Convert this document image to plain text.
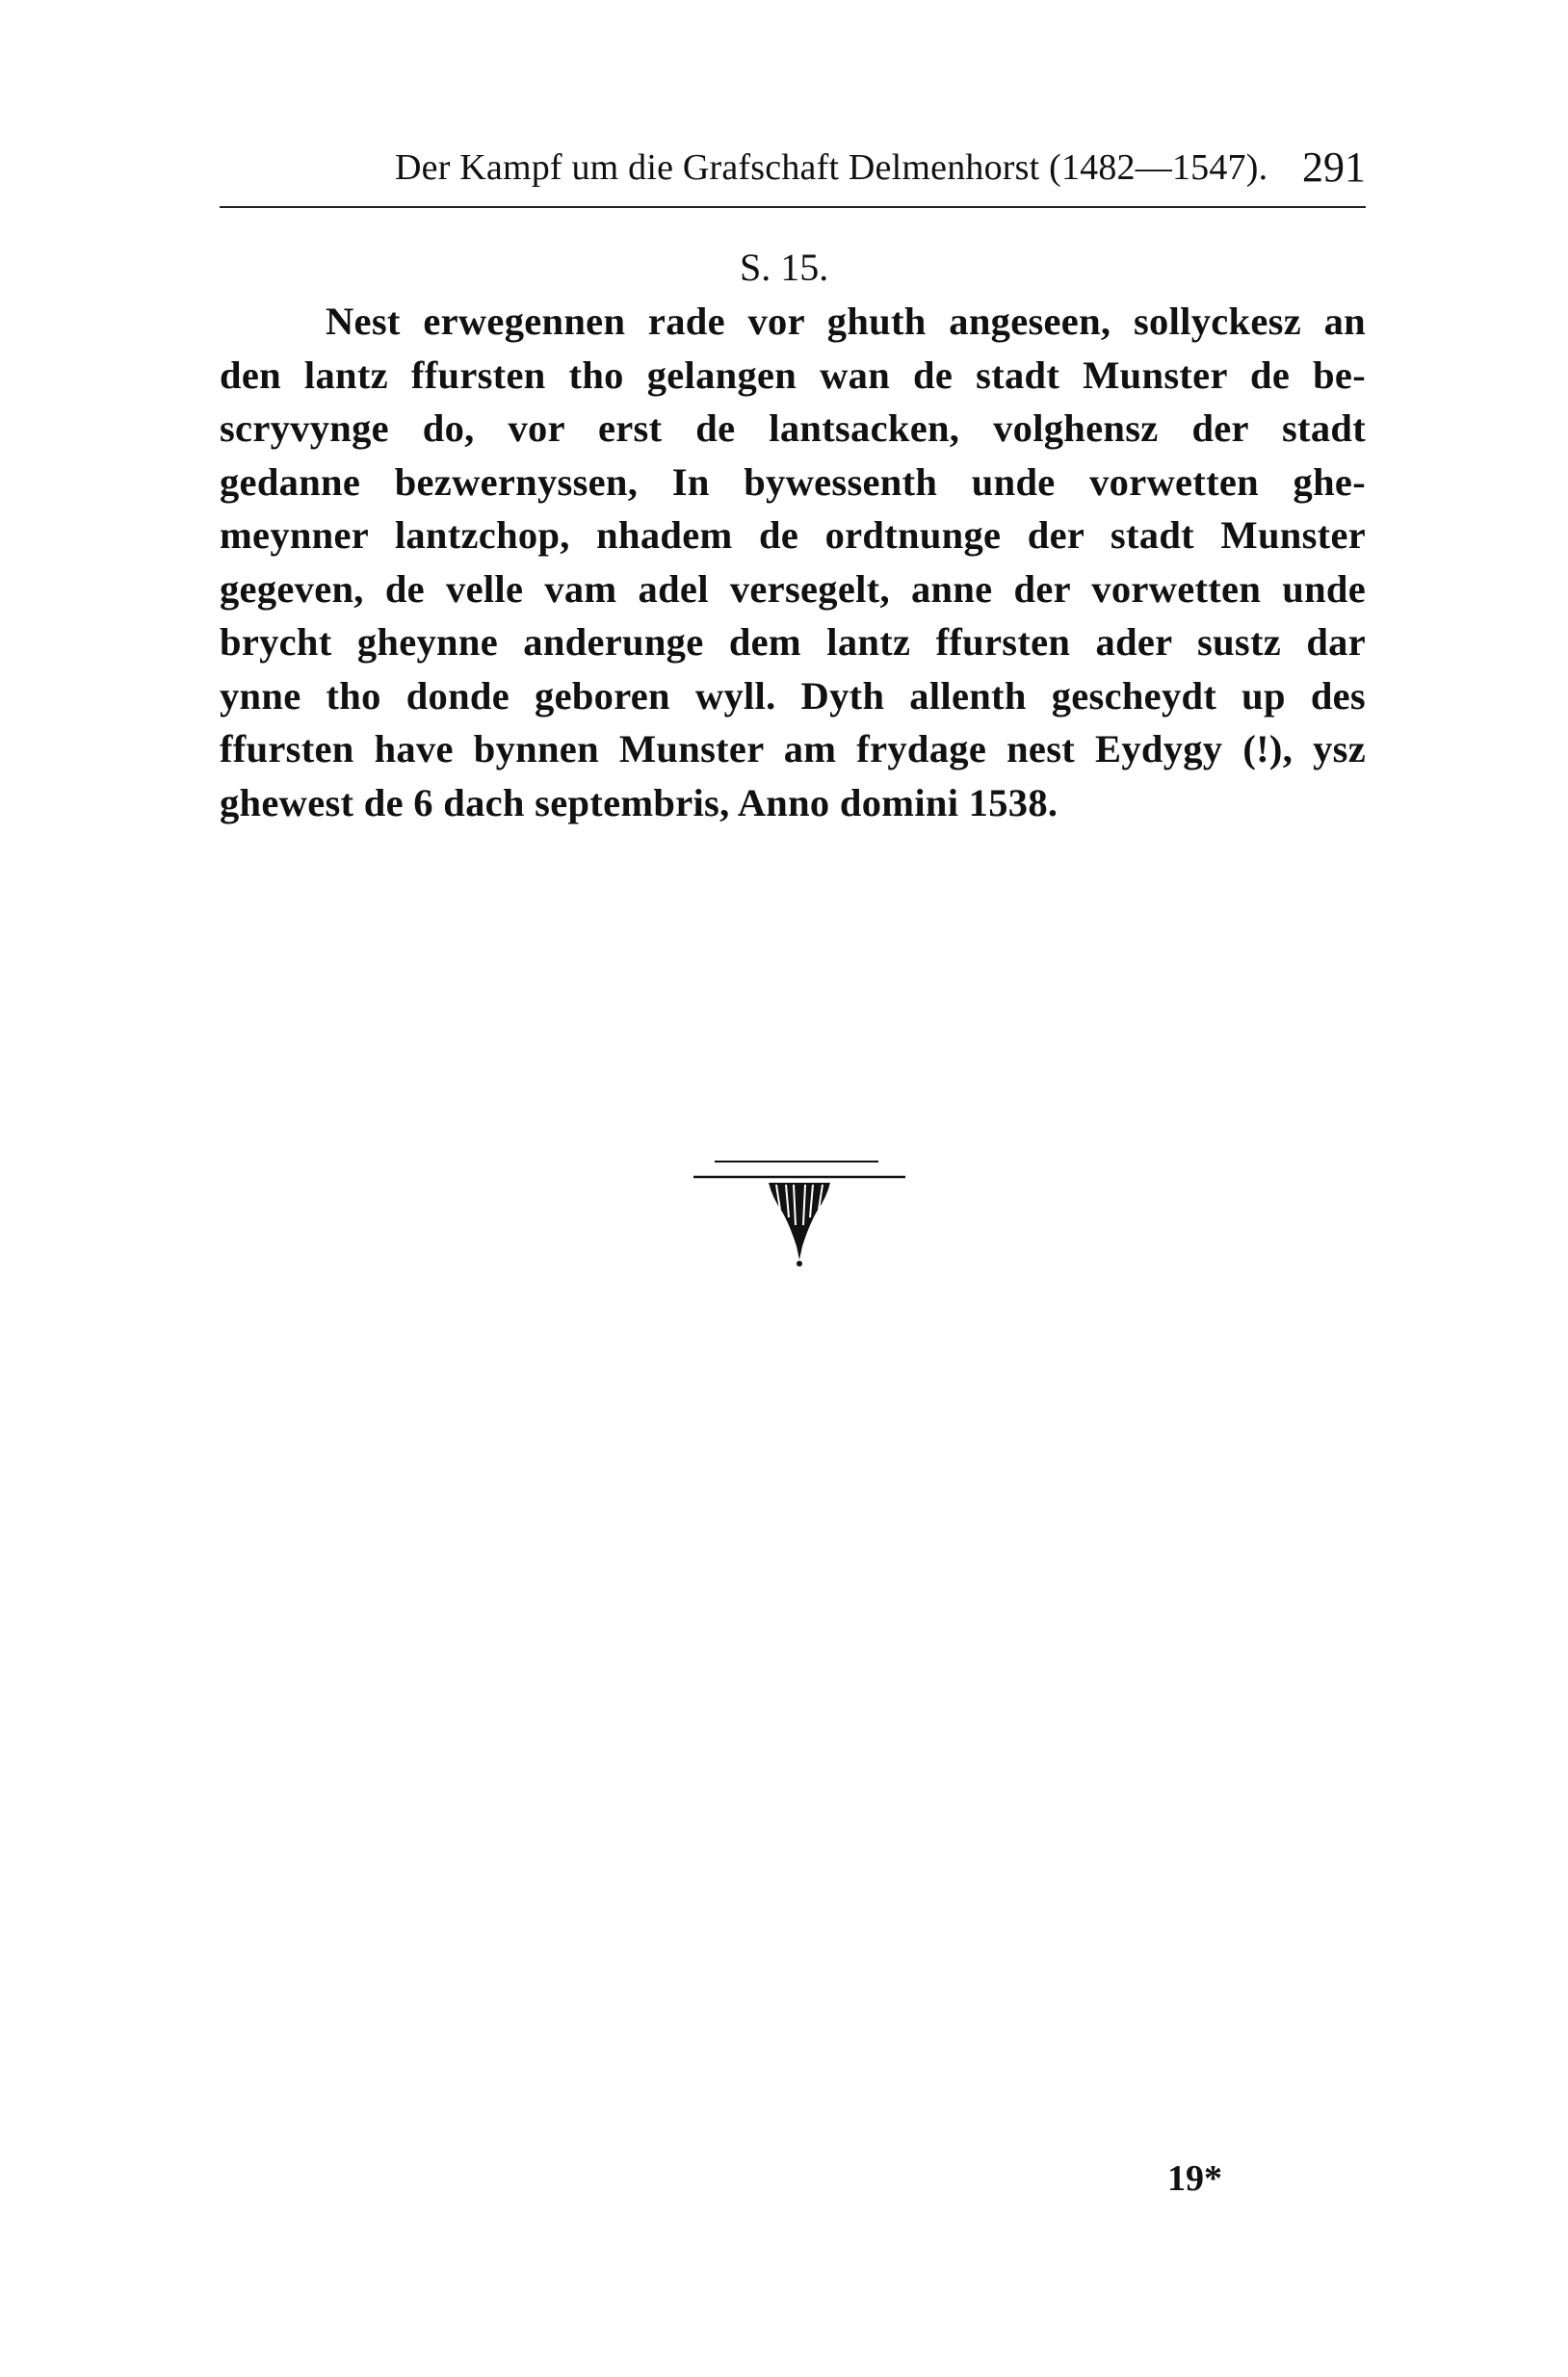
Der Kampf um die Grafschaft Delmenhorst (1482—1547). 291
S. 15.
Nest erwegennen rade vor ghuth angeseen, sollyckesz an
den lantz ffursten tho gelangen wan de stadt Munster de be-
scryvynge do, vor erst de lantsacken, volghensz der stadt
gedanne bezwernyssen, In bywessenth unde vorwetten ghe-
meynner lantzchop, nhadem de ordtnunge der stadt Munster
gegeven, de velle vam adel versegelt, anne der vorwetten unde
brycht gheynne anderunge dem lantz ffursten ader sustz dar
ynne tho donde geboren wyll. Dyth allenth gescheydt up des
ffursten have bynnen Munster am frydage nest Eydygy (!), ysz
ghewest de 6 dach septembris, Anno domini 1538.
19*
